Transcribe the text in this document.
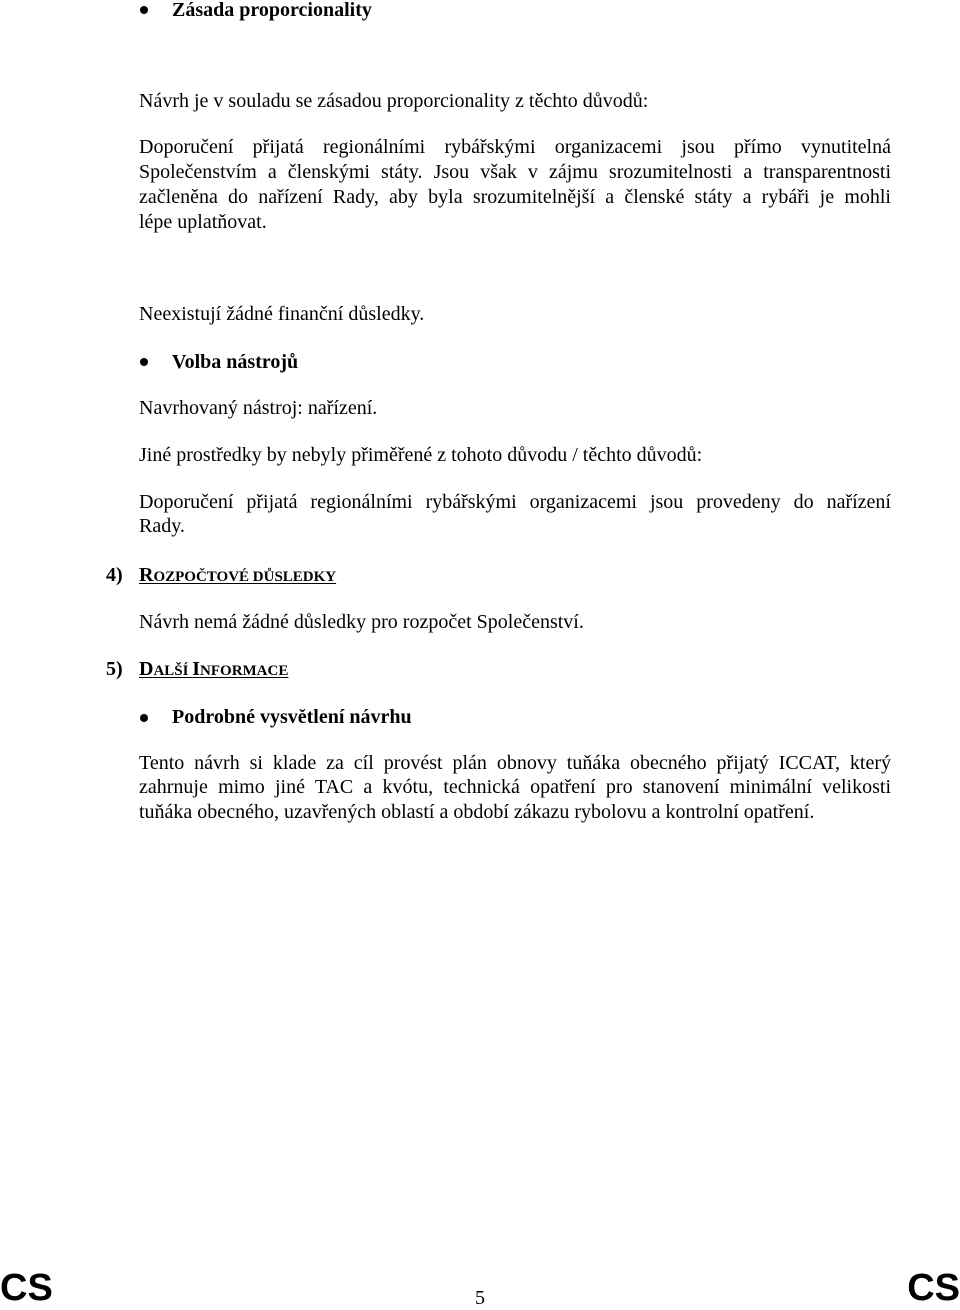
Zásada proporcionality
Návrh je v souladu se zásadou proporcionality z těchto důvodů:
Doporučení přijatá regionálními rybářskými organizacemi jsou přímo vynutitelná
Společenstvím a členskými státy. Jsou však v zájmu srozumitelnosti a transparentnosti
začleněna do nařízení Rady, aby byla srozumitelnější a členské státy a rybáři je mohli
lépe uplatňovat.
Neexistují žádné finanční důsledky.
Volba nástrojů
Navrhovaný nástroj: nařízení.
Jiné prostředky by nebyly přiměřené z tohoto důvodu / těchto důvodů:
Doporučení přijatá regionálními rybářskými organizacemi jsou provedeny do nařízení
Rady.
4) ROZPOČTOVÉ DŮSLEDKY
Návrh nemá žádné důsledky pro rozpočet Společenství.
5) DALŠÍ INFORMACE
Podrobné vysvětlení návrhu
Tento návrh si klade za cíl provést plán obnovy tuňáka obecného přijatý ICCAT, který
zahrnuje mimo jiné TAC a kvótu, technická opatření pro stanovení minimální velikosti
tuňáka obecného, uzavřených oblastí a období zákazu rybolovu a kontrolní opatření.
CS	5	CS
